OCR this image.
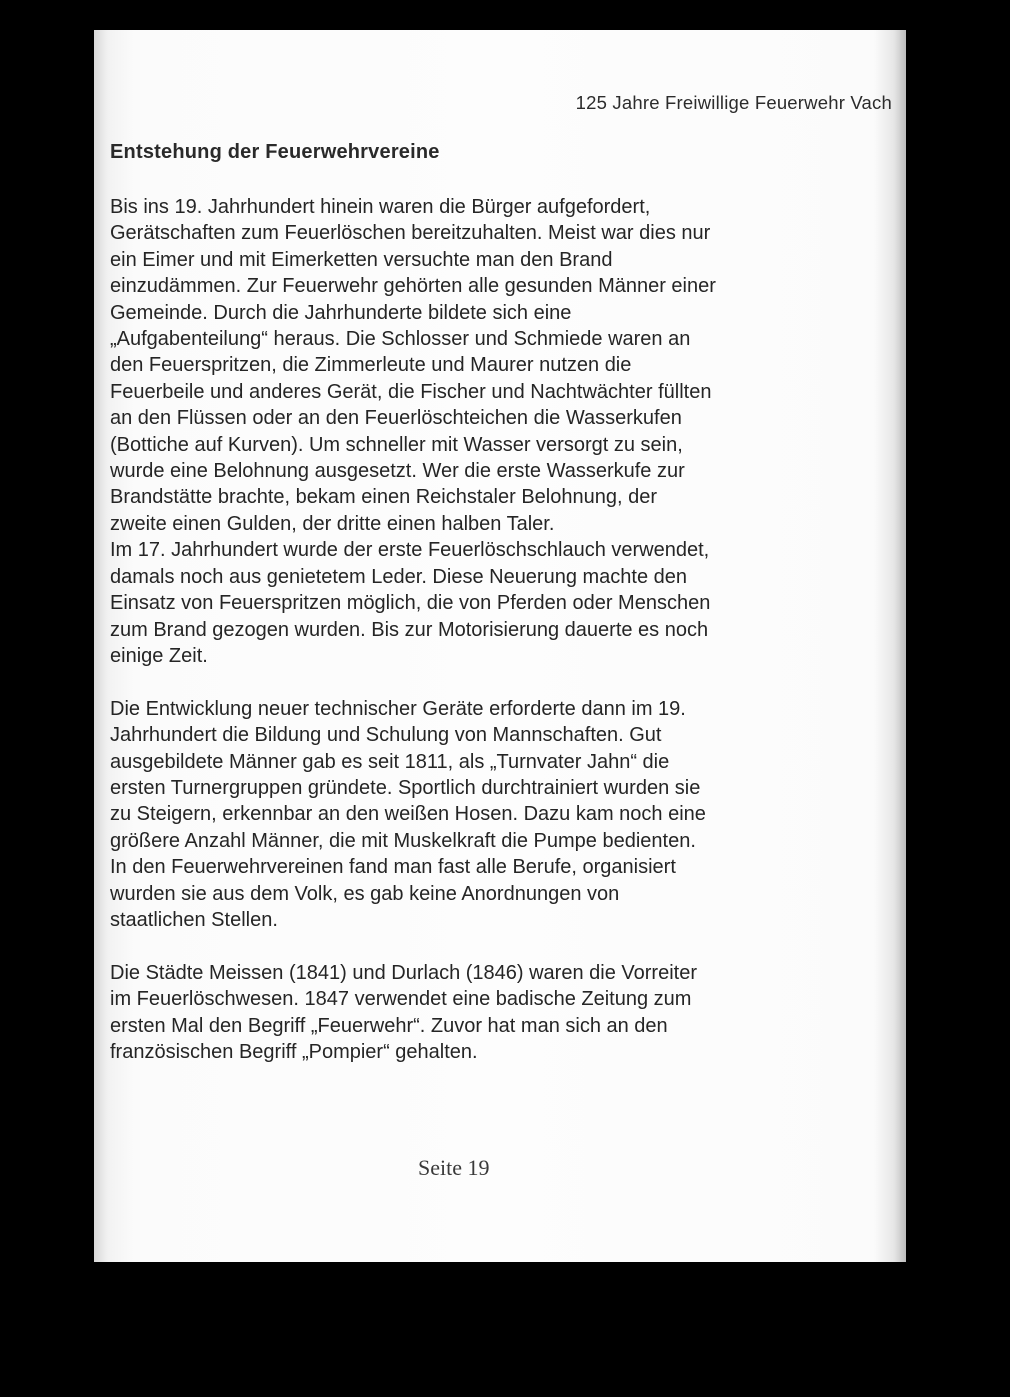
125 Jahre Freiwillige Feuerwehr Vach
Entstehung der Feuerwehrvereine
Bis ins 19. Jahrhundert hinein waren die Bürger aufgefordert,
Gerätschaften zum Feuerlöschen bereitzuhalten. Meist war dies nur
ein Eimer und mit Eimerketten versuchte man den Brand
einzudämmen. Zur Feuerwehr gehörten alle gesunden Männer einer
Gemeinde. Durch die Jahrhunderte bildete sich eine
„Aufgabenteilung“ heraus. Die Schlosser und Schmiede waren an
den Feuerspritzen, die Zimmerleute und Maurer nutzen die
Feuerbeile und anderes Gerät, die Fischer und Nachtwächter füllten
an den Flüssen oder an den Feuerlöschteichen die Wasserkufen
(Bottiche auf Kurven). Um schneller mit Wasser versorgt zu sein,
wurde eine Belohnung ausgesetzt. Wer die erste Wasserkufe zur
Brandstätte brachte, bekam einen Reichstaler Belohnung, der
zweite einen Gulden, der dritte einen halben Taler.
Im 17. Jahrhundert wurde der erste Feuerlöschschlauch verwendet,
damals noch aus genietetem Leder. Diese Neuerung machte den
Einsatz von Feuerspritzen möglich, die von Pferden oder Menschen
zum Brand gezogen wurden. Bis zur Motorisierung dauerte es noch
einige Zeit.
Die Entwicklung neuer technischer Geräte erforderte dann im 19.
Jahrhundert die Bildung und Schulung von Mannschaften. Gut
ausgebildete Männer gab es seit 1811, als „Turnvater Jahn“ die
ersten Turnergruppen gründete. Sportlich durchtrainiert wurden sie
zu Steigern, erkennbar an den weißen Hosen. Dazu kam noch eine
größere Anzahl Männer, die mit Muskelkraft die Pumpe bedienten.
In den Feuerwehrvereinen fand man fast alle Berufe, organisiert
wurden sie aus dem Volk, es gab keine Anordnungen von
staatlichen Stellen.
Die Städte Meissen (1841) und Durlach (1846) waren die Vorreiter
im Feuerlöschwesen. 1847 verwendet eine badische Zeitung zum
ersten Mal den Begriff „Feuerwehr“. Zuvor hat man sich an den
französischen Begriff „Pompier“ gehalten.
Seite 19
